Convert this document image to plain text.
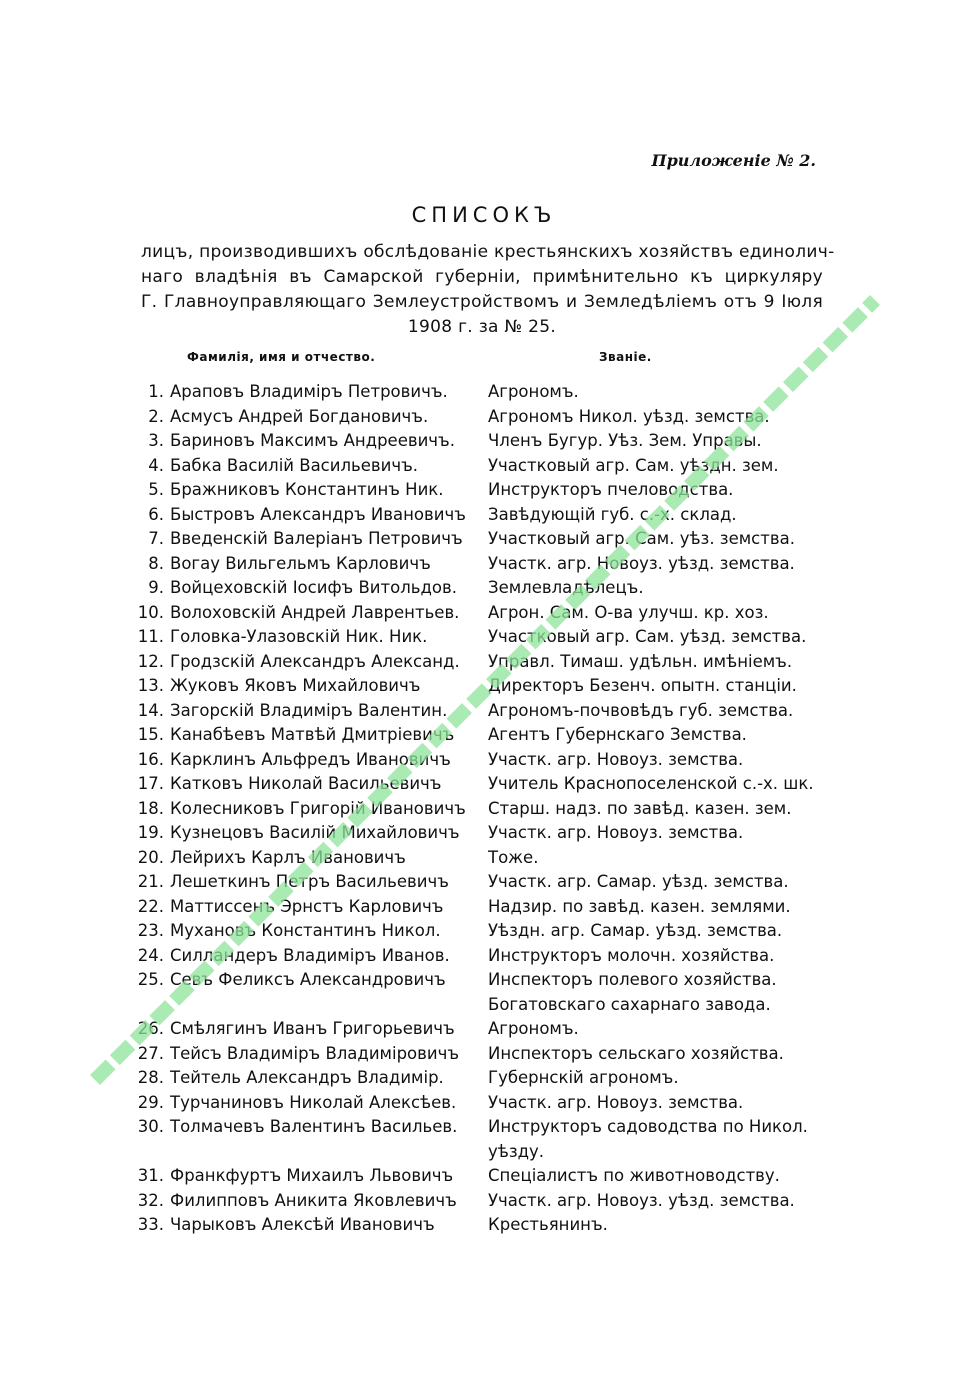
Приложеніе № 2.
СПИСОКЪ
лицъ, производившихъ обслѣдованіе крестьянскихъ хозяйствъ единолич-
наго владѣнія въ Самарской губерніи, примѣнительно къ циркуляру
Г. Главноуправляющаго Землеустройствомъ и Земледѣліемъ отъ 9 Іюля
1908 г. за № 25.
Фамилія, имя и отчество.	Званіе.
1. Араповъ Владиміръ Петровичъ.	Агрономъ.
2. Асмусъ Андрей Богдановичъ.	Агрономъ Никол. уѣзд. земства.
3. Бариновъ Максимъ Андреевичъ.	Членъ Бугур. Уѣз. Зем. Управы.
4. Бабка Василій Васильевичъ.	Участковый агр. Сам. уѣздн. зем.
5. Бражниковъ Константинъ Ник.	Инструкторъ пчеловодства.
6. Быстровъ Александръ Ивановичъ	Завѣдующій губ. с.-х. склад.
7. Введенскій Валеріанъ Петровичъ	Участковый агр. Сам. уѣз. земства.
8. Вогау Вильгельмъ Карловичъ	Участк. агр. Новоуз. уѣзд. земства.
9. Войцеховскій Іосифъ Витольдов.	Землевладѣлецъ.
10. Волоховскій Андрей Лаврентьев.	Агрон. Сам. О-ва улучш. кр. хоз.
11. Головка-Улазовскій Ник. Ник.	Участковый агр. Сам. уѣзд. земства.
12. Гродзскій Александръ Александ.	Управл. Тимаш. удѣльн. имѣніемъ.
13. Жуковъ Яковъ Михайловичъ	Директоръ Безенч. опытн. станціи.
14. Загорскій Владиміръ Валентин.	Агрономъ-почвовѣдъ губ. земства.
15. Канабѣевъ Матвѣй Дмитріевичъ	Агентъ Губернскаго Земства.
16. Карклинъ Альфредъ Ивановичъ	Участк. агр. Новоуз. земства.
17. Катковъ Николай Васильевичъ	Учитель Краснопоселенской с.-х. шк.
18. Колесниковъ Григорій Ивановичъ	Старш. надз. по завѣд. казен. зем.
19. Кузнецовъ Василій Михайловичъ	Участк. агр. Новоуз. земства.
20. Лейрихъ Карлъ Ивановичъ	Тоже.
21. Лешеткинъ Петръ Васильевичъ	Участк. агр. Самар. уѣзд. земства.
22. Маттиссенъ Эрнстъ Карловичъ	Надзир. по завѣд. казен. землями.
23. Мухановъ Константинъ Никол.	Уѣздн. агр. Самар. уѣзд. земства.
24. Силландеръ Владиміръ Иванов.	Инструкторъ молочн. хозяйства.
25. Севъ Феликсъ Александровичъ	Инспекторъ полевого хозяйства.
Богатовскаго сахарнаго завода.
26. Смѣлягинъ Иванъ Григорьевичъ	Агрономъ.
27. Тейсъ Владиміръ Владиміровичъ	Инспекторъ сельскаго хозяйства.
28. Тейтель Александръ Владимір.	Губернскій агрономъ.
29. Турчаниновъ Николай Алексѣев.	Участк. агр. Новоуз. земства.
30. Толмачевъ Валентинъ Васильев.	Инструкторъ садоводства по Никол.
уѣзду.
31. Франкфуртъ Михаилъ Львовичъ	Спеціалистъ по животноводству.
32. Филипповъ Аникита Яковлевичъ	Участк. агр. Новоуз. уѣзд. земства.
33. Чарыковъ Алексѣй Ивановичъ	Крестьянинъ.
